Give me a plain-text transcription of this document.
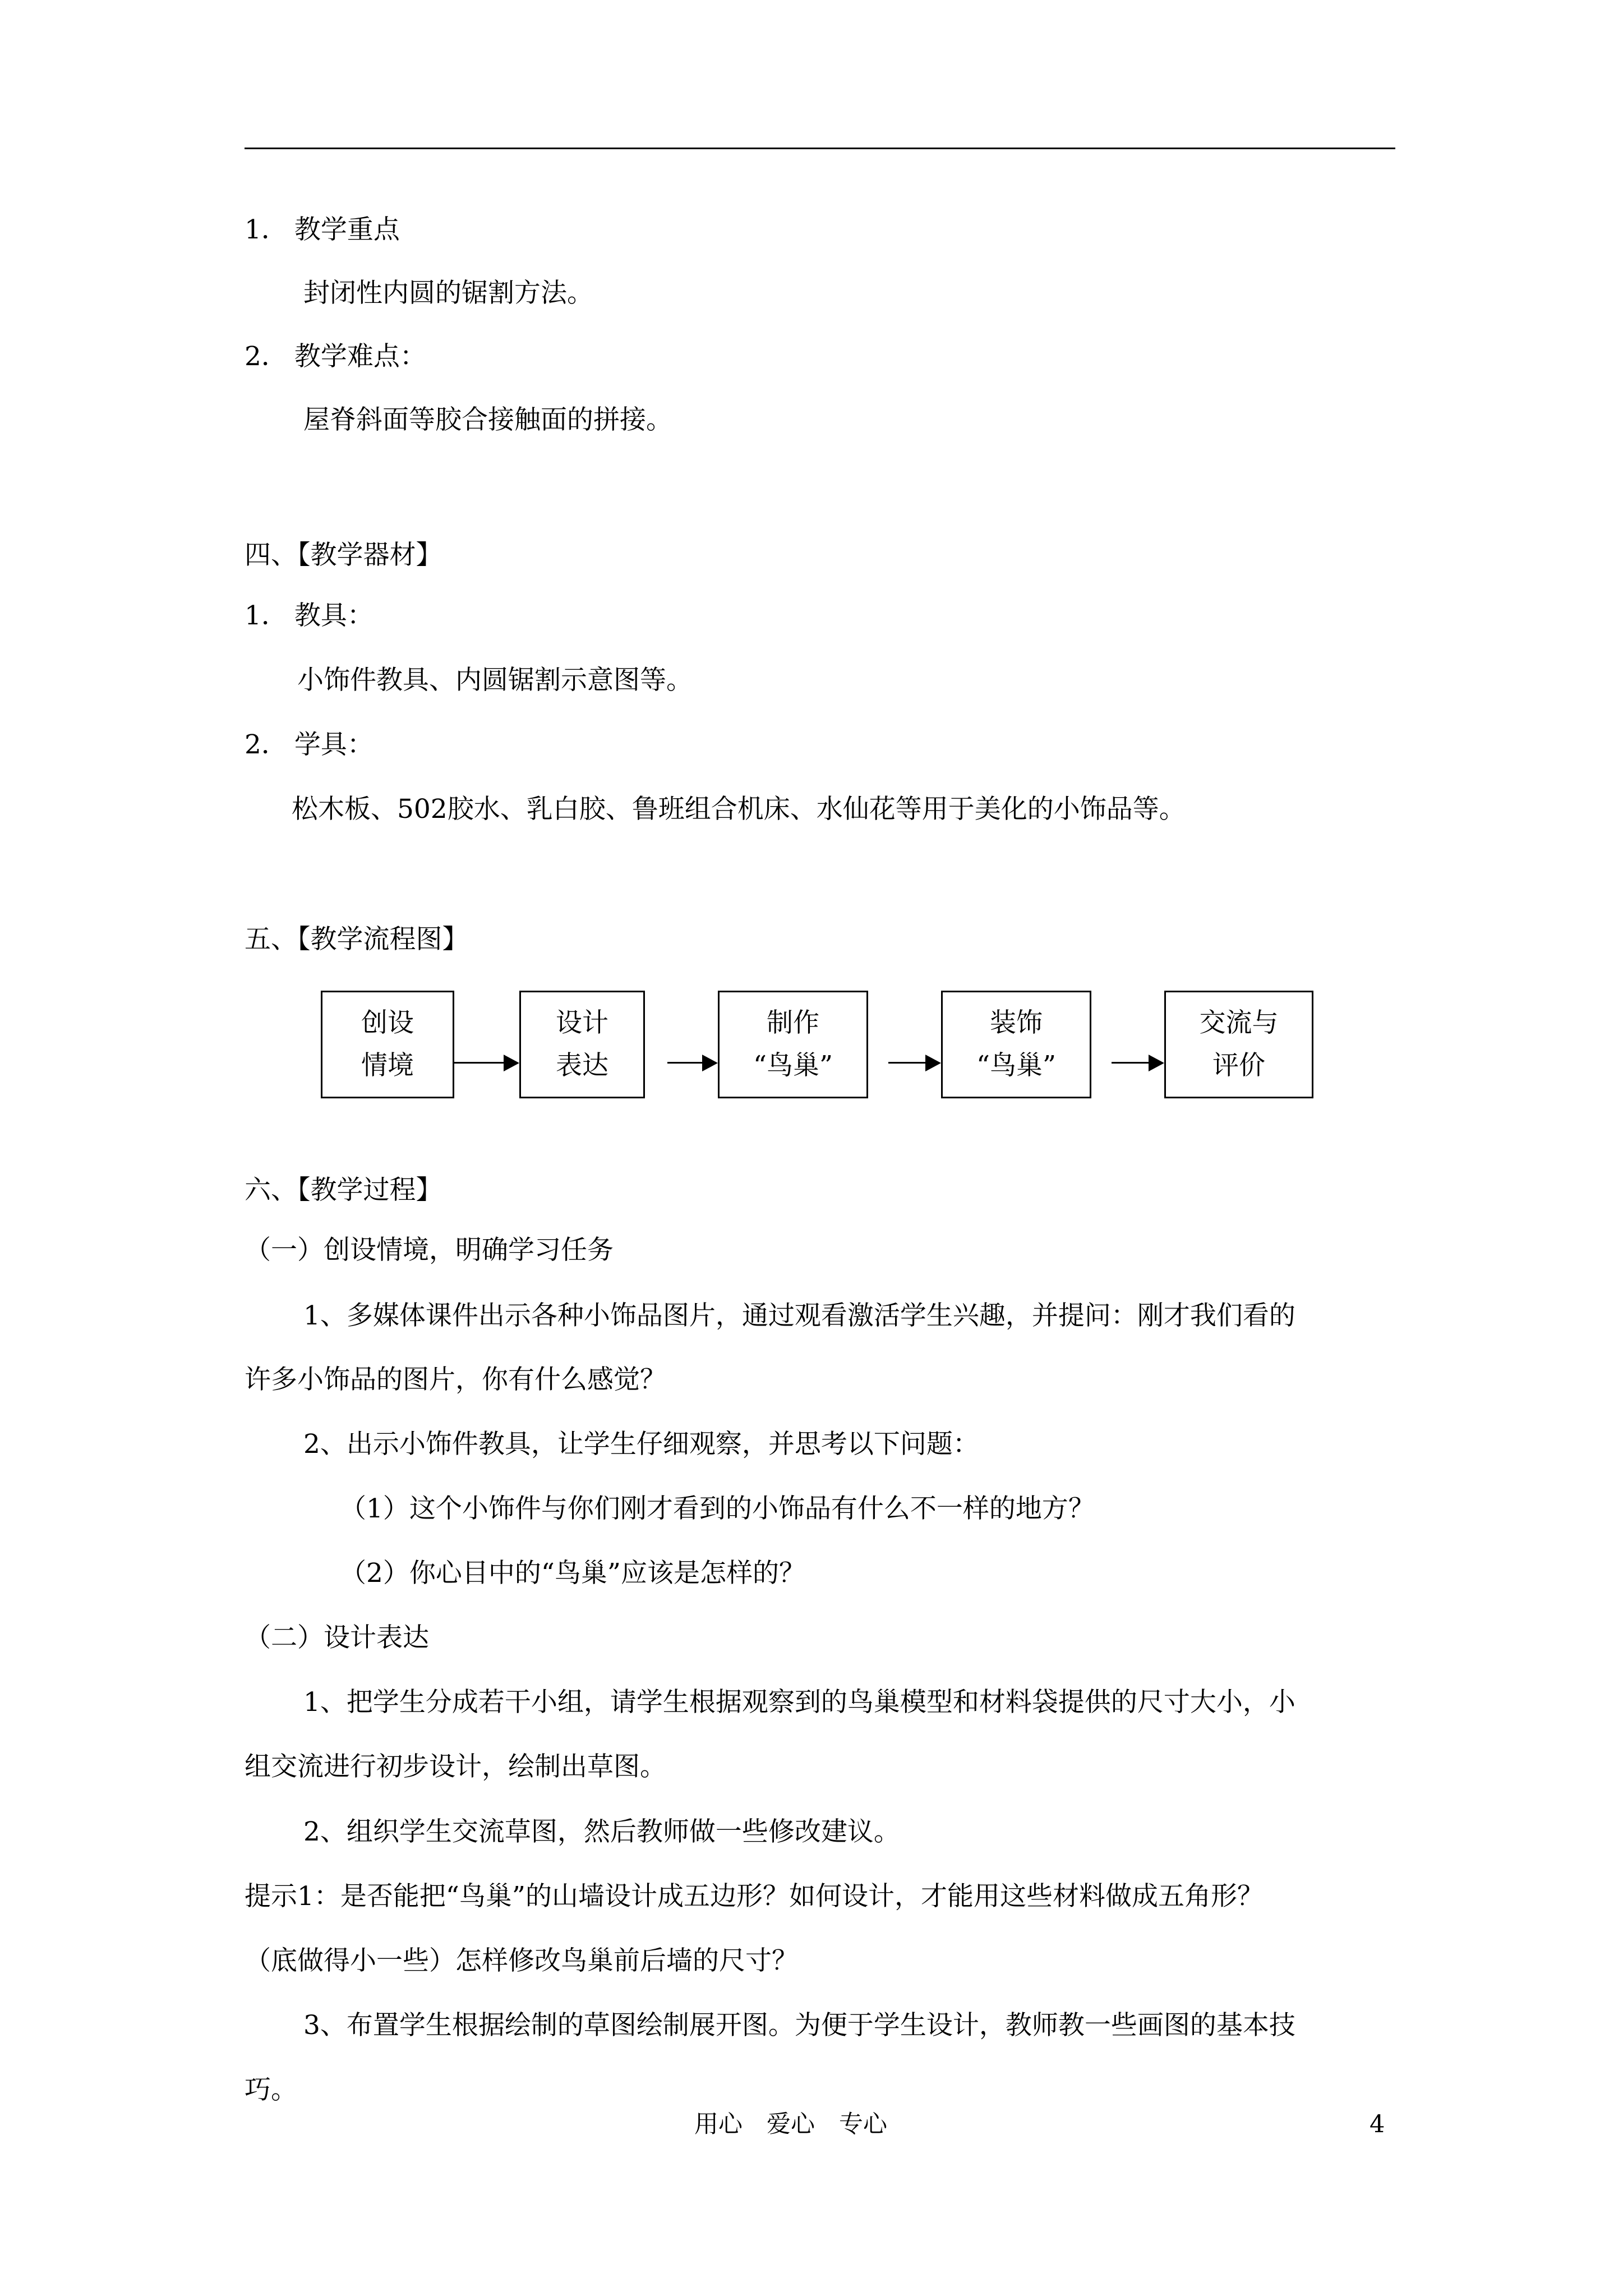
1． 教学重点
封闭性内圆的锯割方法。
2． 教学难点：
屋脊斜面等胶合接触面的拼接。
四、【教学器材】
1． 教具：
小饰件教具、内圆锯割示意图等。
2． 学具：
松木板、502胶水、乳白胶、鲁班组合机床、水仙花等用于美化的小饰品等。
五、【教学流程图】
创设
情境
设计
表达
制作
“鸟巢”
装饰
“鸟巢”
交流与
评价
六、【教学过程】
（一）创设情境，明确学习任务
1、多媒体课件出示各种小饰品图片，通过观看激活学生兴趣，并提问：刚才我们看的
许多小饰品的图片，你有什么感觉？
2、出示小饰件教具，让学生仔细观察，并思考以下问题：
（1）这个小饰件与你们刚才看到的小饰品有什么不一样的地方？
（2）你心目中的“鸟巢”应该是怎样的？
（二）设计表达
1、把学生分成若干小组，请学生根据观察到的鸟巢模型和材料袋提供的尺寸大小，小
组交流进行初步设计，绘制出草图。
2、组织学生交流草图，然后教师做一些修改建议。
提示1：是否能把“鸟巢”的山墙设计成五边形？如何设计，才能用这些材料做成五角形？
（底做得小一些）怎样修改鸟巢前后墙的尺寸？
3、布置学生根据绘制的草图绘制展开图。为便于学生设计，教师教一些画图的基本技
巧。
用心　爱心　专心	4
